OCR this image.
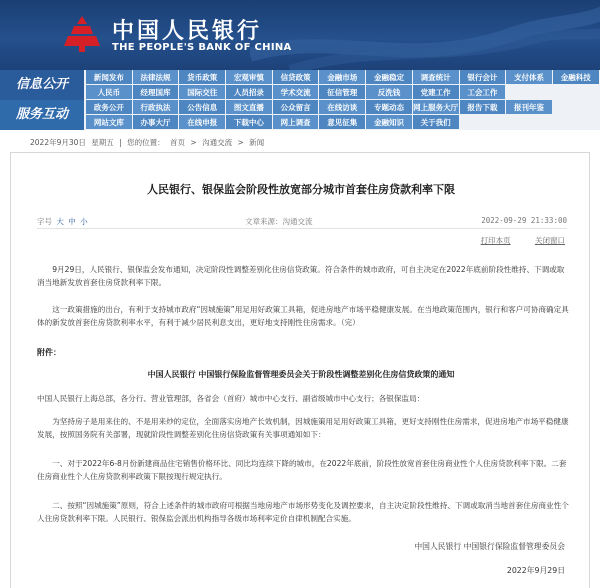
中国人民银行
THE PEOPLE'S BANK OF CHINA
信息公开	新闻发布	法律法规	货币政策	宏观审慎	信贷政策	金融市场	金融稳定	调查统计	银行会计	支付体系	金融科技
人民币	经理国库	国际交往	人员招录	学术交流	征信管理	反洗钱	党建工作	工会工作
服务互动	政务公开	行政执法	公告信息	图文直播	公众留言	在线访谈	专题动态	网上服务大厅	报告下载	报刊年鉴
网站文库	办事大厅	在线申报	下载中心	网上调查	意见征集	金融知识	关于我们
2022年9月30日 星期五 | 您的位置： 首页 > 沟通交流 > 新闻
人民银行、银保监会阶段性放宽部分城市首套住房贷款利率下限
字号 大 中 小	文章来源：沟通交流	2022-09-29 21:33:00
打印本页	关闭窗口

9月29日，人民银行、银保监会发布通知，决定阶段性调整差别化住房信贷政策。符合条件的城市政府，可自主决定在2022年底前阶段性维持、下调或取消当地新发放首套住房贷款利率下限。

这一政策措施的出台，有利于支持城市政府“因城施策”用足用好政策工具箱，促进房地产市场平稳健康发展。在当地政策范围内，银行和客户可协商确定具体的新发放首套住房贷款利率水平，有利于减少居民利息支出，更好地支持刚性住房需求。（完）

附件：
中国人民银行 中国银行保险监督管理委员会关于阶段性调整差别化住房信贷政策的通知
中国人民银行上海总部，各分行、营业管理部，各省会（首府）城市中心支行、副省级城市中心支行；各银保监局：

为坚持房子是用来住的、不是用来炒的定位，全面落实房地产长效机制，因城施策用足用好政策工具箱，更好支持刚性住房需求，促进房地产市场平稳健康发展，按照国务院有关部署，现就阶段性调整差别化住房信贷政策有关事项通知如下：

一、对于2022年6-8月份新建商品住宅销售价格环比、同比均连续下降的城市，在2022年底前，阶段性放宽首套住房商业性个人住房贷款利率下限。二套住房商业性个人住房贷款利率政策下限按现行规定执行。

二、按照“因城施策”原则，符合上述条件的城市政府可根据当地房地产市场形势变化及调控要求，自主决定阶段性维持、下调或取消当地首套住房商业性个人住房贷款利率下限。人民银行、银保监会派出机构指导各级市场利率定价自律机制配合实施。

中国人民银行 中国银行保险监督管理委员会
2022年9月29日
